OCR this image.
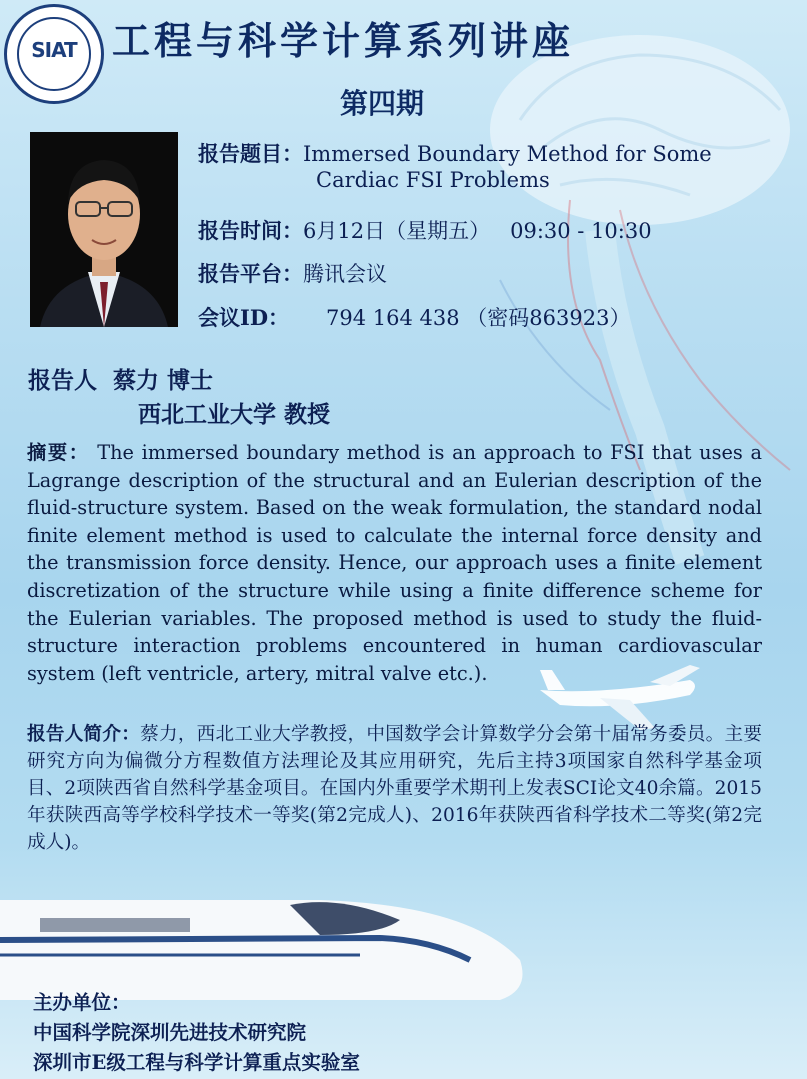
SIAT 工程与科学计算系列讲座
第四期
报告题目：Immersed Boundary Method for Some
Cardiac FSI Problems
报告时间：6月12日（星期五）   09:30 - 10:30
报告平台：腾讯会议
会议ID： 794 164 438 （密码863923）
报告人  蔡力 博士
西北工业大学 教授
摘要： The immersed boundary method is an approach to FSI that uses a Lagrange description of the structural and an Eulerian description of the fluid-structure system. Based on the weak formulation, the standard nodal finite element method is used to calculate the internal force density and the transmission force density. Hence, our approach uses a finite element discretization of the structure while using a finite difference scheme for the Eulerian variables. The proposed method is used to study the fluid-structure interaction problems encountered in human cardiovascular system (left ventricle, artery, mitral valve etc.).
报告人简介：蔡力，西北工业大学教授，中国数学会计算数学分会第十届常务委员。主要研究方向为偏微分方程数值方法理论及其应用研究，先后主持3项国家自然科学基金项目、2项陕西省自然科学基金项目。在国内外重要学术期刊上发表SCI论文40余篇。2015年获陕西高等学校科学技术一等奖(第2完成人)、2016年获陕西省科学技术二等奖(第2完成人)。
主办单位：
中国科学院深圳先进技术研究院
深圳市E级工程与科学计算重点实验室
